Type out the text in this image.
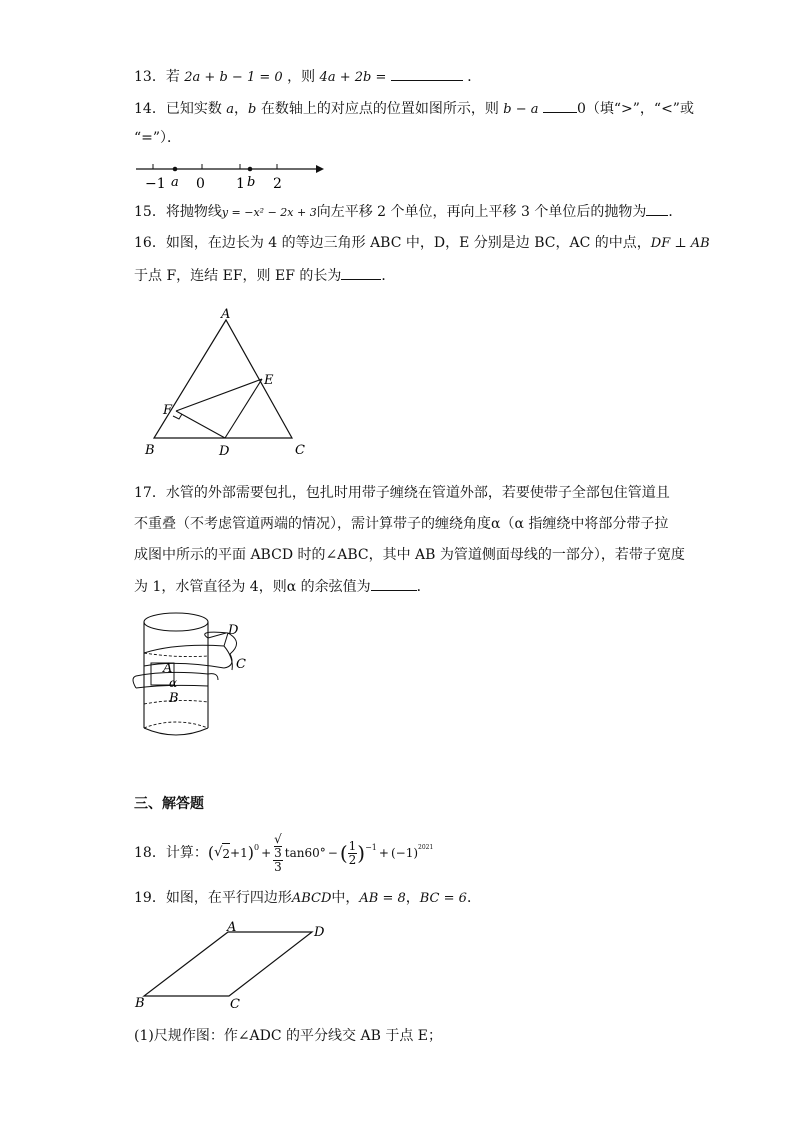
13．若 2a + b − 1 = 0 ，则 4a + 2b =	．
14．已知实数 a，b 在数轴上的对应点的位置如图所示，则 b − a	0（填“>”，“<”或
“=”）．
−1 a 0 1 b 2
15．将抛物线y = −x² − 2x + 3向左平移 2 个单位，再向上平移 3 个单位后的抛物为 ．
16．如图，在边长为 4 的等边三角形 ABC 中，D，E 分别是边 BC，AC 的中点，DF ⊥ AB
于点 F，连结 EF，则 EF 的长为	．
A
B	C
D
E
F
17．水管的外部需要包扎，包扎时用带子缠绕在管道外部，若要使带子全部包住管道且
不重叠（不考虑管道两端的情况），需计算带子的缠绕角度α（α 指缠绕中将部分带子拉
成图中所示的平面 ABCD 时的∠ABC，其中 AB 为管道侧面母线的一部分），若带子宽度
为 1，水管直径为 4，则α 的余弦值为	．
D
C
A
α
B
三、解答题
18．计算： ( √ 2 +1 )$^0$ + √
3
3 tan60° − ( $\frac{1}{2} )^{-1} + (-1)^{2021}$
19．如图，在平行四边形ABCD中，AB = 8，BC = 6．
A	D
B	C
(1)尺规作图：作∠ADC 的平分线交 AB 于点 E；
